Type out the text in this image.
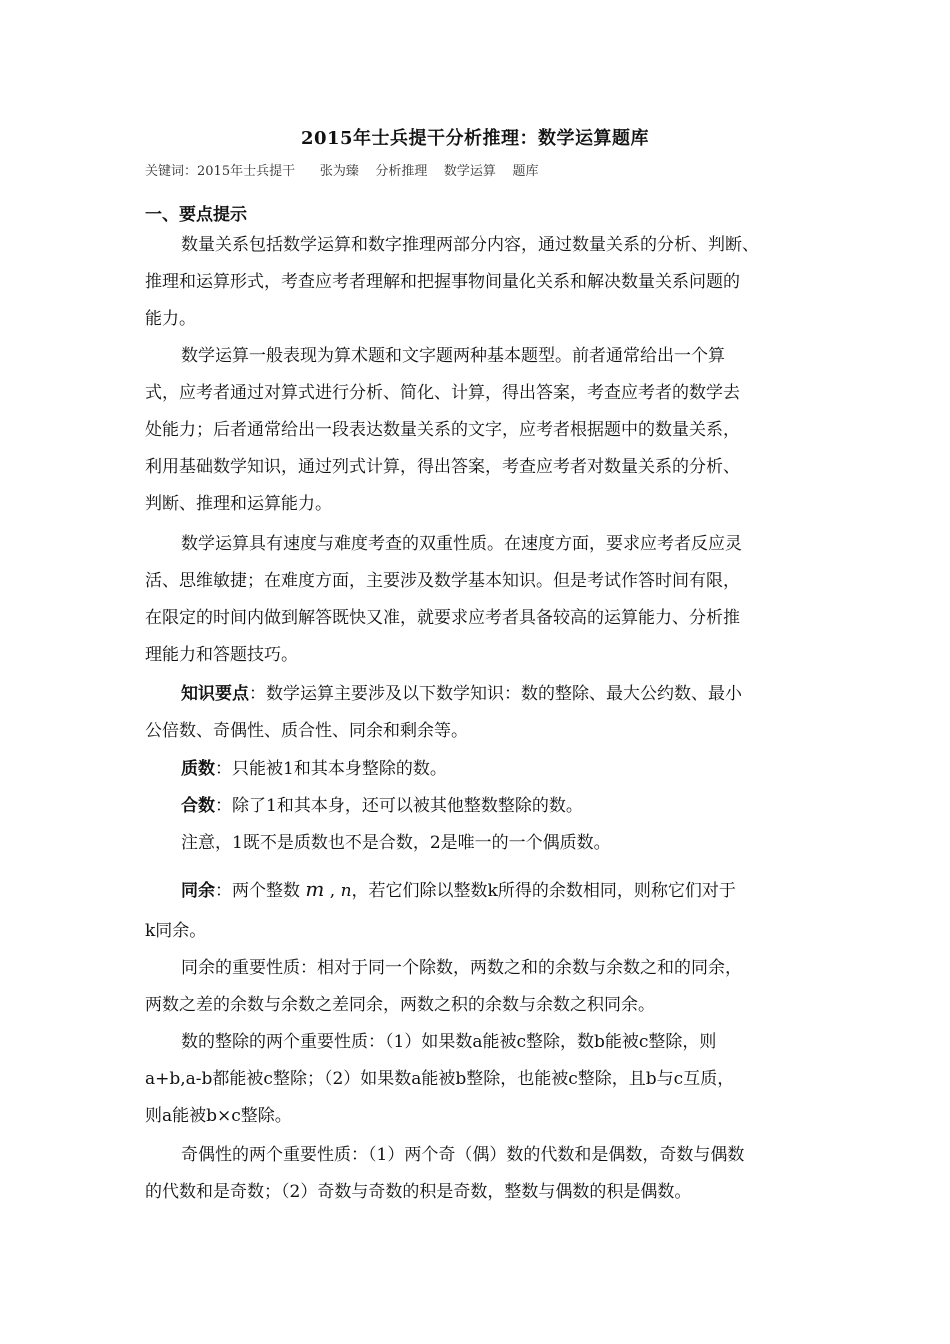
2015年士兵提干分析推理：数学运算题库
关键词：2015年士兵提干      张为臻    分析推理    数学运算    题库
一、要点提示
数量关系包括数学运算和数字推理两部分内容，通过数量关系的分析、判断、
推理和运算形式，考查应考者理解和把握事物间量化关系和解决数量关系问题的
能力。
数学运算一般表现为算术题和文字题两种基本题型。前者通常给出一个算
式，应考者通过对算式进行分析、简化、计算，得出答案，考查应考者的数学去
处能力；后者通常给出一段表达数量关系的文字，应考者根据题中的数量关系，
利用基础数学知识，通过列式计算，得出答案，考查应考者对数量关系的分析、
判断、推理和运算能力。
数学运算具有速度与难度考查的双重性质。在速度方面，要求应考者反应灵
活、思维敏捷；在难度方面，主要涉及数学基本知识。但是考试作答时间有限，
在限定的时间内做到解答既快又准，就要求应考者具备较高的运算能力、分析推
理能力和答题技巧。
知识要点：数学运算主要涉及以下数学知识：数的整除、最大公约数、最小
公倍数、奇偶性、质合性、同余和剩余等。
质数：只能被1和其本身整除的数。
合数：除了1和其本身，还可以被其他整数整除的数。
注意，1既不是质数也不是合数，2是唯一的一个偶质数。
同余：两个整数 m , n，若它们除以整数k所得的余数相同，则称它们对于
k同余。
同余的重要性质：相对于同一个除数，两数之和的余数与余数之和的同余，
两数之差的余数与余数之差同余，两数之积的余数与余数之积同余。
数的整除的两个重要性质：（1）如果数a能被c整除，数b能被c整除，则
a+b,a-b都能被c整除；（2）如果数a能被b整除，也能被c整除，且b与c互质，
则a能被b×c整除。
奇偶性的两个重要性质：（1）两个奇（偶）数的代数和是偶数，奇数与偶数
的代数和是奇数；（2）奇数与奇数的积是奇数，整数与偶数的积是偶数。
